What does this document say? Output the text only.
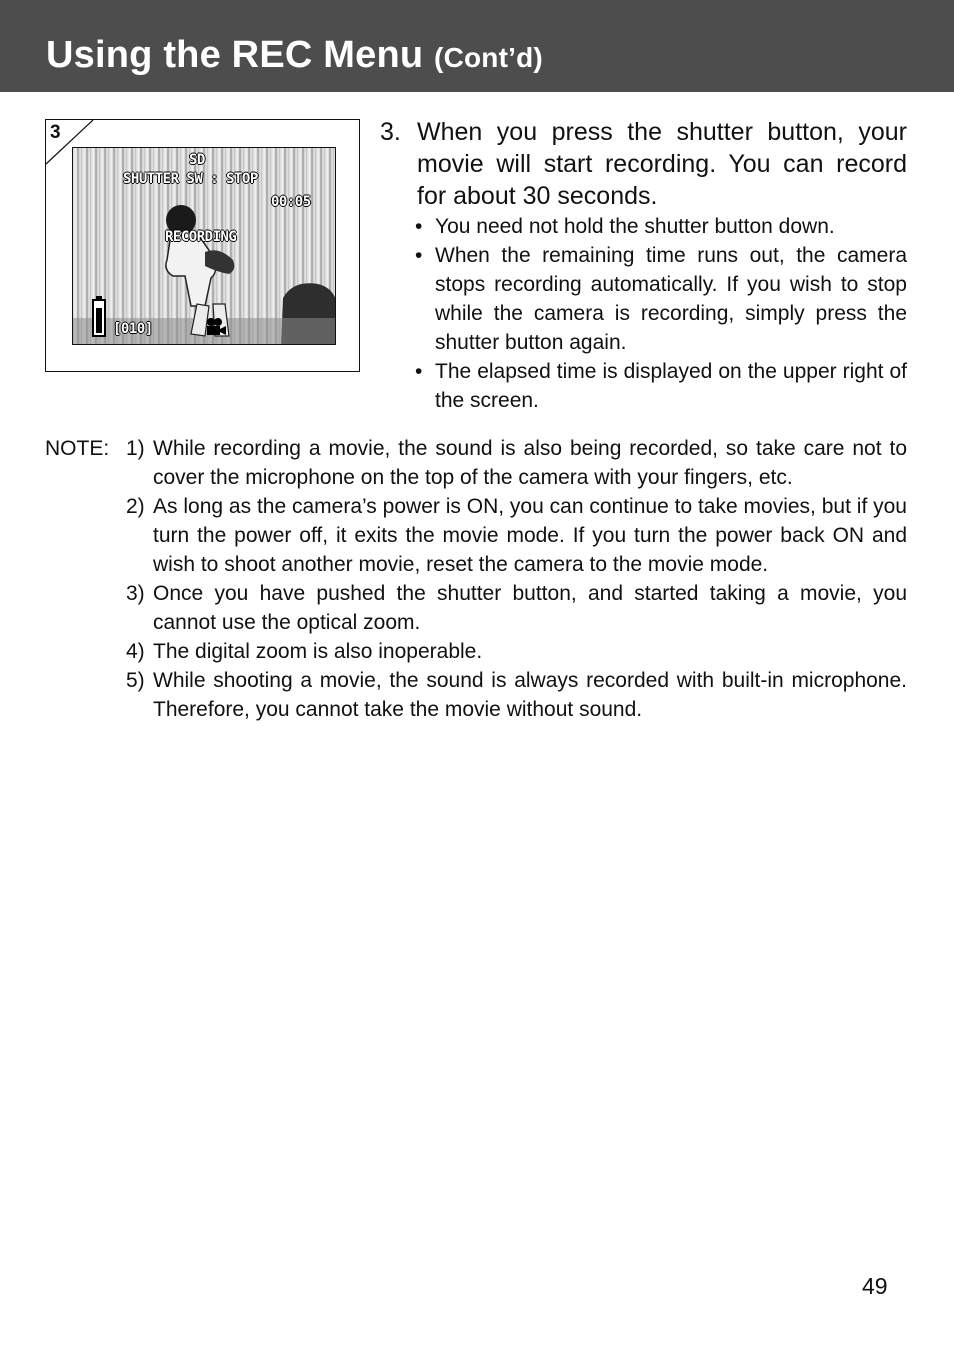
Using the REC Menu (Cont’d)
3
SD
SHUTTER SW : STOP
00:05
RECORDING
[010]
3. When you press the shutter button, your movie will start recording. You can record for about 30 seconds.
• You need not hold the shutter button down.
• When the remaining time runs out, the camera stops recording automatically. If you wish to stop while the camera is recording, simply press the shutter button again.
• The elapsed time is displayed on the upper right of the screen.
NOTE: 1) While recording a movie, the sound is also being recorded, so take care not to cover the microphone on the top of the camera with your fingers, etc.
2) As long as the camera’s power is ON, you can continue to take movies, but if you turn the power off, it exits the movie mode. If you turn the power back ON and wish to shoot another movie, reset the camera to the movie mode.
3) Once you have pushed the shutter button, and started taking a movie, you cannot use the optical zoom.
4) The digital zoom is also inoperable.
5) While shooting a movie, the sound is always recorded with built-in microphone. Therefore, you cannot take the movie without sound.
49
